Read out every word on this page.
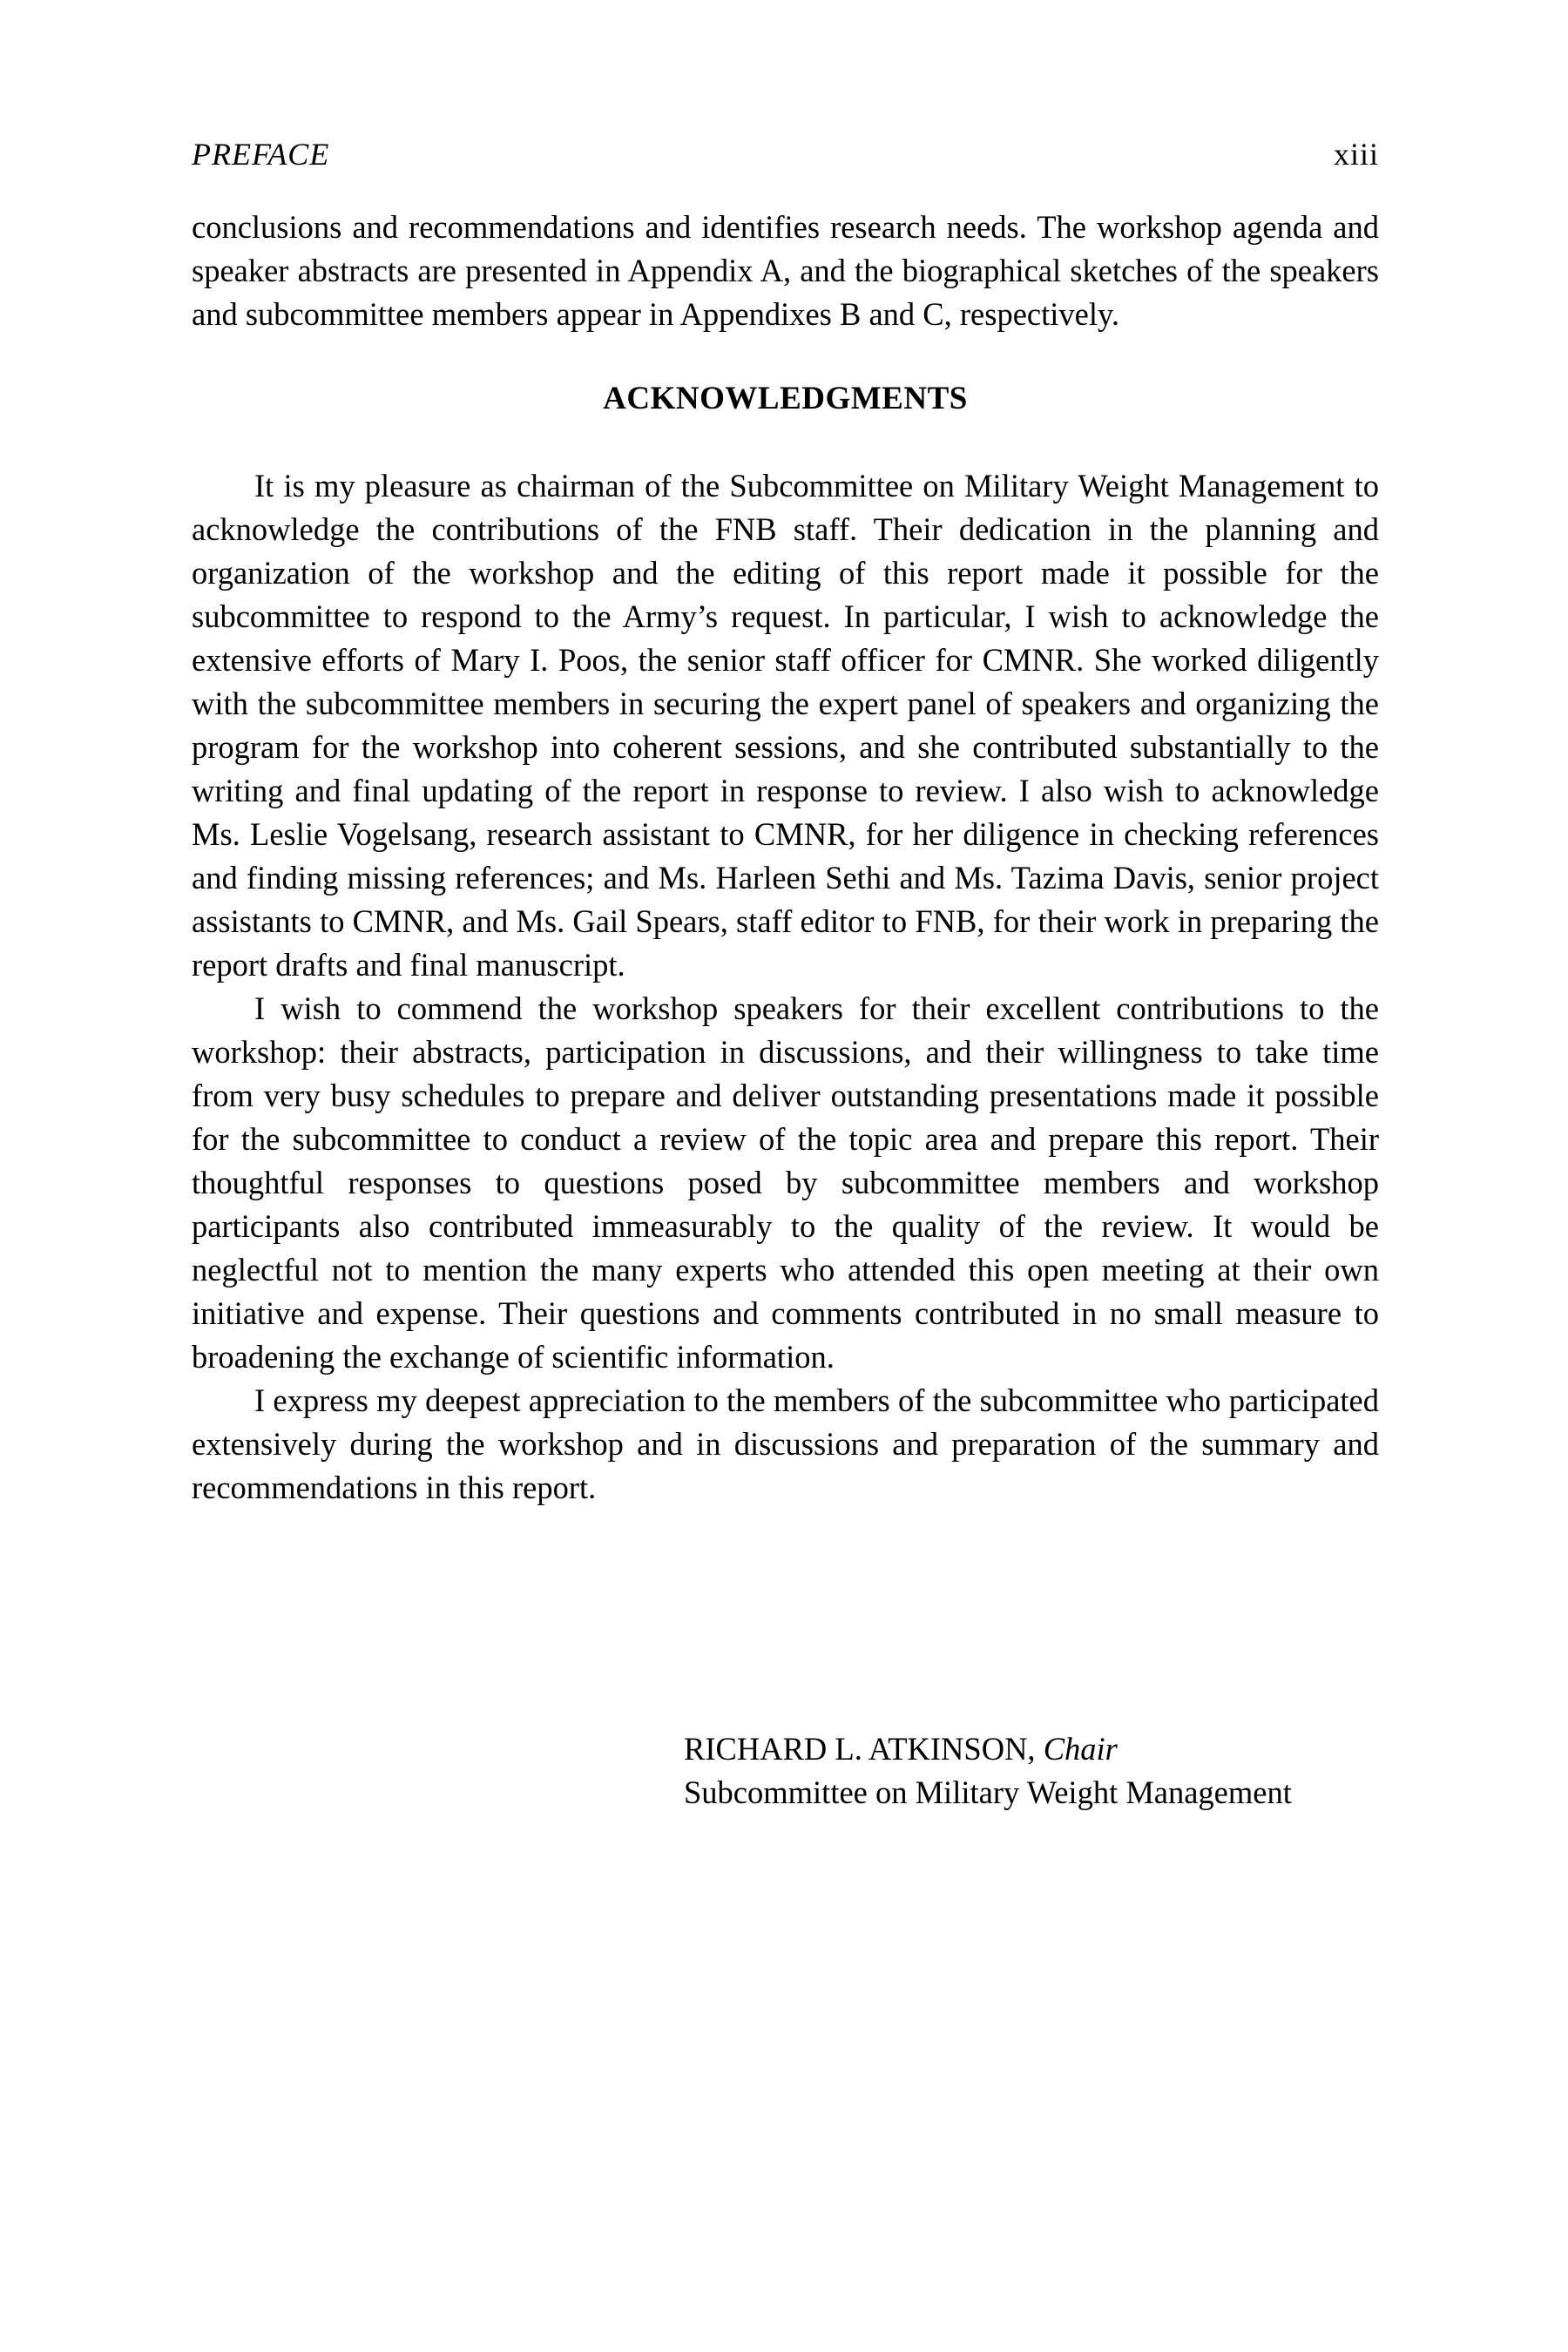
PREFACE	xiii

conclusions and recommendations and identifies research needs. The workshop agenda and speaker abstracts are presented in Appendix A, and the biographical sketches of the speakers and subcommittee members appear in Appendixes B and C, respectively.

ACKNOWLEDGMENTS

It is my pleasure as chairman of the Subcommittee on Military Weight Management to acknowledge the contributions of the FNB staff. Their dedication in the planning and organization of the workshop and the editing of this report made it possible for the subcommittee to respond to the Army’s request. In particular, I wish to acknowledge the extensive efforts of Mary I. Poos, the senior staff officer for CMNR. She worked diligently with the subcommittee members in securing the expert panel of speakers and organizing the program for the workshop into coherent sessions, and she contributed substantially to the writing and final updating of the report in response to review. I also wish to acknowledge Ms. Leslie Vogelsang, research assistant to CMNR, for her diligence in checking references and finding missing references; and Ms. Harleen Sethi and Ms. Tazima Davis, senior project assistants to CMNR, and Ms. Gail Spears, staff editor to FNB, for their work in preparing the report drafts and final manuscript.

I wish to commend the workshop speakers for their excellent contributions to the workshop: their abstracts, participation in discussions, and their willingness to take time from very busy schedules to prepare and deliver outstanding presentations made it possible for the subcommittee to conduct a review of the topic area and prepare this report. Their thoughtful responses to questions posed by subcommittee members and workshop participants also contributed immeasurably to the quality of the review. It would be neglectful not to mention the many experts who attended this open meeting at their own initiative and expense. Their questions and comments contributed in no small measure to broadening the exchange of scientific information.

I express my deepest appreciation to the members of the subcommittee who participated extensively during the workshop and in discussions and preparation of the summary and recommendations in this report.

RICHARD L. ATKINSON, Chair
Subcommittee on Military Weight Management
